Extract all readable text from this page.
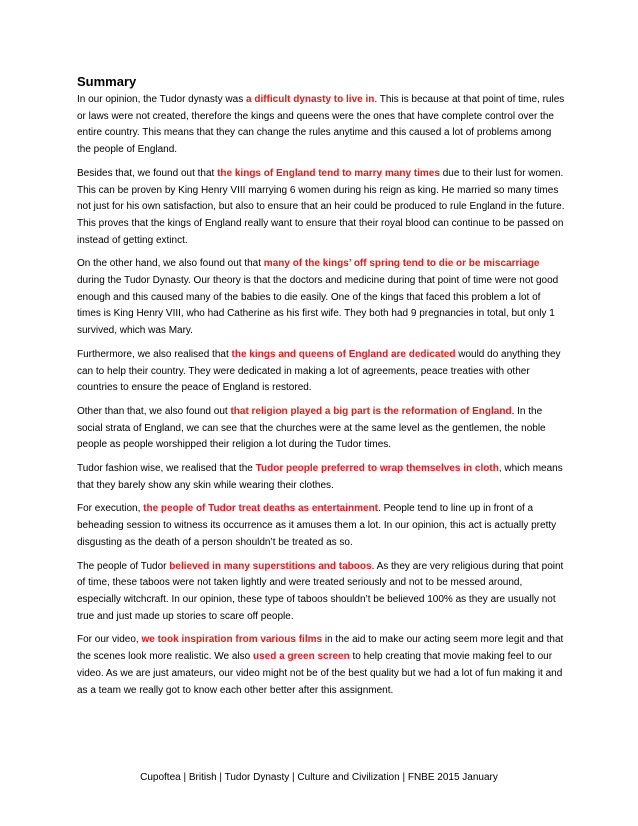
Summary

In our opinion, the Tudor dynasty was a difficult dynasty to live in. This is because at that point of time, rules or laws were not created, therefore the kings and queens were the ones that have complete control over the entire country. This means that they can change the rules anytime and this caused a lot of problems among the people of England.

Besides that, we found out that the kings of England tend to marry many times due to their lust for women. This can be proven by King Henry VIII marrying 6 women during his reign as king. He married so many times not just for his own satisfaction, but also to ensure that an heir could be produced to rule England in the future. This proves that the kings of England really want to ensure that their royal blood can continue to be passed on instead of getting extinct.

On the other hand, we also found out that many of the kings’ off spring tend to die or be miscarriage during the Tudor Dynasty. Our theory is that the doctors and medicine during that point of time were not good enough and this caused many of the babies to die easily. One of the kings that faced this problem a lot of times is King Henry VIII, who had Catherine as his first wife. They both had 9 pregnancies in total, but only 1 survived, which was Mary.

Furthermore, we also realised that the kings and queens of England are dedicated would do anything they can to help their country. They were dedicated in making a lot of agreements, peace treaties with other countries to ensure the peace of England is restored.

Other than that, we also found out that religion played a big part is the reformation of England. In the social strata of England, we can see that the churches were at the same level as the gentlemen, the noble people as people worshipped their religion a lot during the Tudor times.

Tudor fashion wise, we realised that the Tudor people preferred to wrap themselves in cloth, which means that they barely show any skin while wearing their clothes.

For execution, the people of Tudor treat deaths as entertainment. People tend to line up in front of a beheading session to witness its occurrence as it amuses them a lot. In our opinion, this act is actually pretty disgusting as the death of a person shouldn’t be treated as so.

The people of Tudor believed in many superstitions and taboos. As they are very religious during that point of time, these taboos were not taken lightly and were treated seriously and not to be messed around, especially witchcraft. In our opinion, these type of taboos shouldn’t be believed 100% as they are usually not true and just made up stories to scare off people.

For our video, we took inspiration from various films in the aid to make our acting seem more legit and that the scenes look more realistic. We also used a green screen to help creating that movie making feel to our video. As we are just amateurs, our video might not be of the best quality but we had a lot of fun making it and as a team we really got to know each other better after this assignment.

Cupoftea | British | Tudor Dynasty | Culture and Civilization | FNBE 2015 January
